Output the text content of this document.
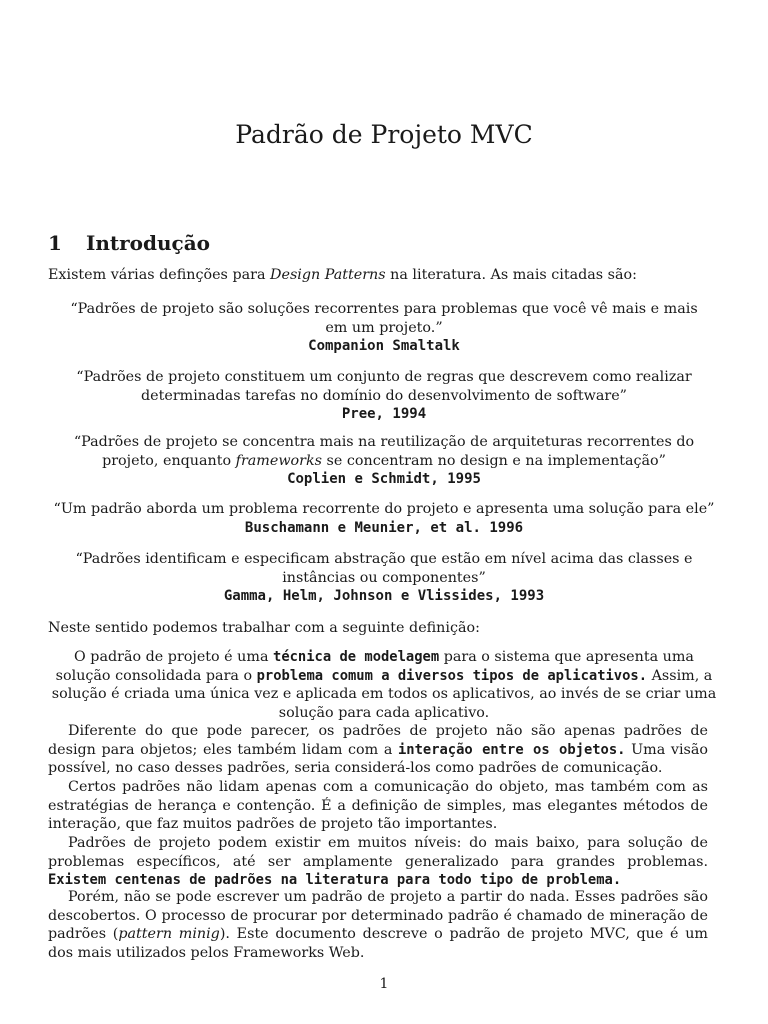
Padrão de Projeto MVC
1 Introdução
Existem várias definções para Design Patterns na literatura. As mais citadas são:
“Padrões de projeto são soluções recorrentes para problemas que você vê mais e mais em um projeto.”
Companion Smaltalk
“Padrões de projeto constituem um conjunto de regras que descrevem como realizar determinadas tarefas no domínio do desenvolvimento de software”
Pree, 1994
“Padrões de projeto se concentra mais na reutilização de arquiteturas recorrentes do projeto, enquanto frameworks se concentram no design e na implementação”
Coplien e Schmidt, 1995
“Um padrão aborda um problema recorrente do projeto e apresenta uma solução para ele”
Buschamann e Meunier, et al. 1996
“Padrões identificam e especificam abstração que estão em nível acima das classes e instâncias ou componentes”
Gamma, Helm, Johnson e Vlissides, 1993
Neste sentido podemos trabalhar com a seguinte definição:
O padrão de projeto é uma técnica de modelagem para o sistema que apresenta uma solução consolidada para o problema comum a diversos tipos de aplicativos. Assim, a solução é criada uma única vez e aplicada em todos os aplicativos, ao invés de se criar uma solução para cada aplicativo.
Diferente do que pode parecer, os padrões de projeto não são apenas padrões de design para objetos; eles também lidam com a interação entre os objetos. Uma visão possível, no caso desses padrões, seria considerá-los como padrões de comunicação.
Certos padrões não lidam apenas com a comunicação do objeto, mas também com as estratégias de herança e contenção. É a definição de simples, mas elegantes métodos de interação, que faz muitos padrões de projeto tão importantes.
Padrões de projeto podem existir em muitos níveis: do mais baixo, para solução de problemas específicos, até ser amplamente generalizado para grandes problemas. Existem centenas de padrões na literatura para todo tipo de problema.
Porém, não se pode escrever um padrão de projeto a partir do nada. Esses padrões são descobertos. O processo de procurar por determinado padrão é chamado de mineração de padrões (pattern minig). Este documento descreve o padrão de projeto MVC, que é um dos mais utilizados pelos Frameworks Web.
1
